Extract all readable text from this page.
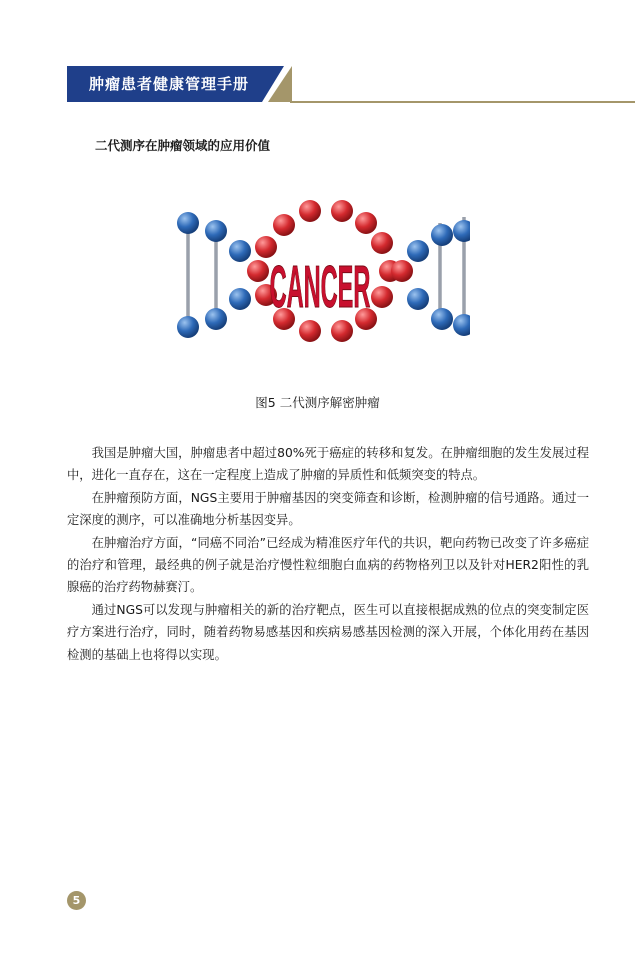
肿瘤患者健康管理手册
二代测序在肿瘤领域的应用价值
CANCER
图5 二代测序解密肿瘤

我国是肿瘤大国，肿瘤患者中超过80%死于癌症的转移和复发。在肿瘤细胞的发生发展过程中，进化一直存在，这在一定程度上造成了肿瘤的异质性和低频突变的特点。

在肿瘤预防方面，NGS主要用于肿瘤基因的突变筛查和诊断，检测肿瘤的信号通路。通过一定深度的测序，可以准确地分析基因变异。

在肿瘤治疗方面，“同癌不同治”已经成为精准医疗年代的共识，靶向药物已改变了许多癌症的治疗和管理，最经典的例子就是治疗慢性粒细胞白血病的药物格列卫以及针对HER2阳性的乳腺癌的治疗药物赫赛汀。

通过NGS可以发现与肿瘤相关的新的治疗靶点，医生可以直接根据成熟的位点的突变制定医疗方案进行治疗，同时，随着药物易感基因和疾病易感基因检测的深入开展，个体化用药在基因检测的基础上也将得以实现。

5
